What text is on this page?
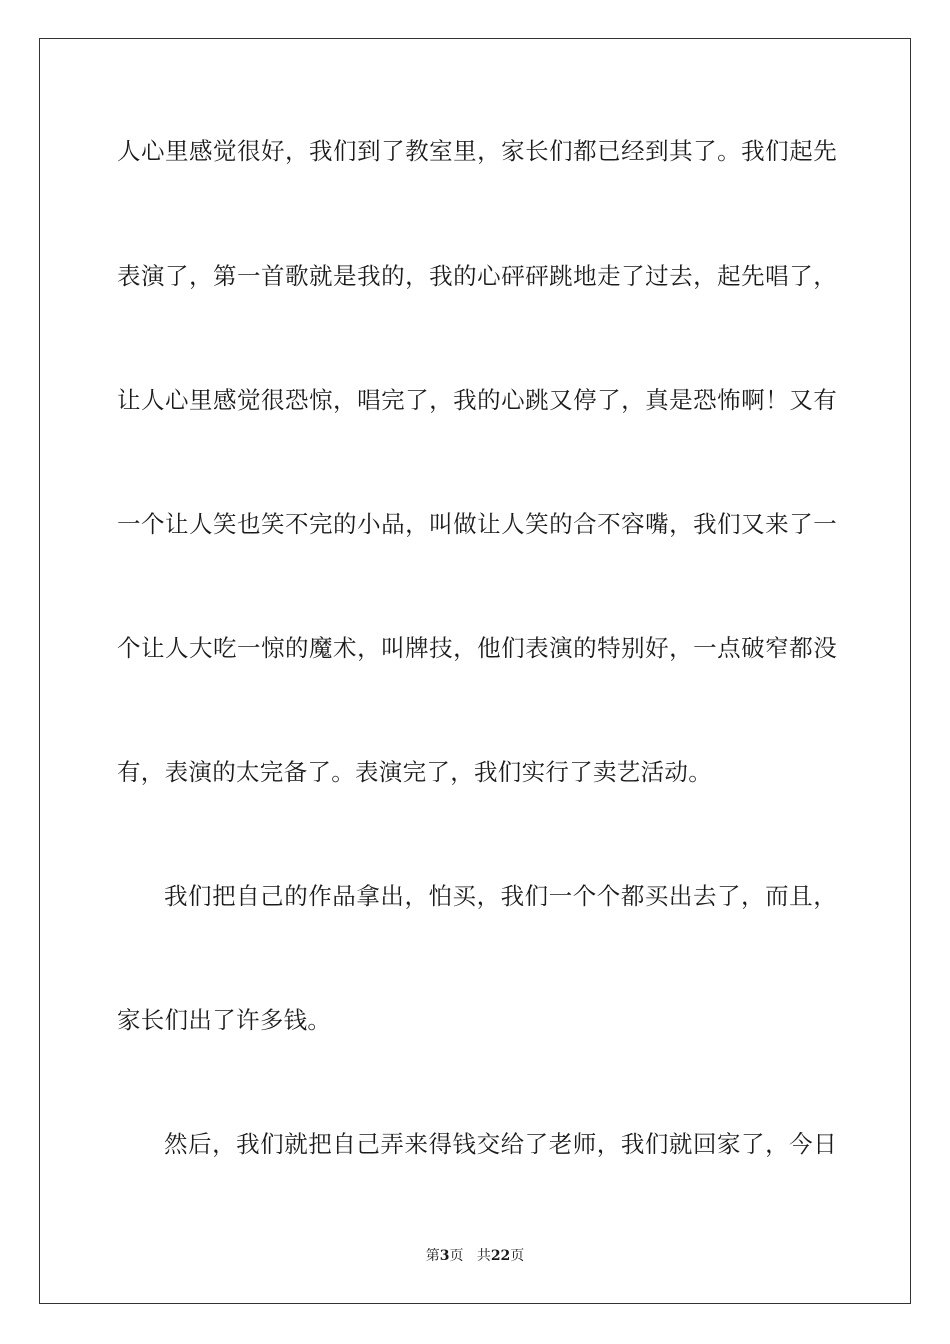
人心里感觉很好，我们到了教室里，家长们都已经到其了。我们起先
表演了，第一首歌就是我的，我的心砰砰跳地走了过去，起先唱了，
让人心里感觉很恐惊，唱完了，我的心跳又停了，真是恐怖啊！又有
一个让人笑也笑不完的小品，叫做让人笑的合不容嘴，我们又来了一
个让人大吃一惊的魔术，叫牌技，他们表演的特别好，一点破窄都没
有，表演的太完备了。表演完了，我们实行了卖艺活动。
我们把自己的作品拿出，怕买，我们一个个都买出去了，而且，
家长们出了许多钱。
然后，我们就把自己弄来得钱交给了老师，我们就回家了，今日
第3页 共22页
